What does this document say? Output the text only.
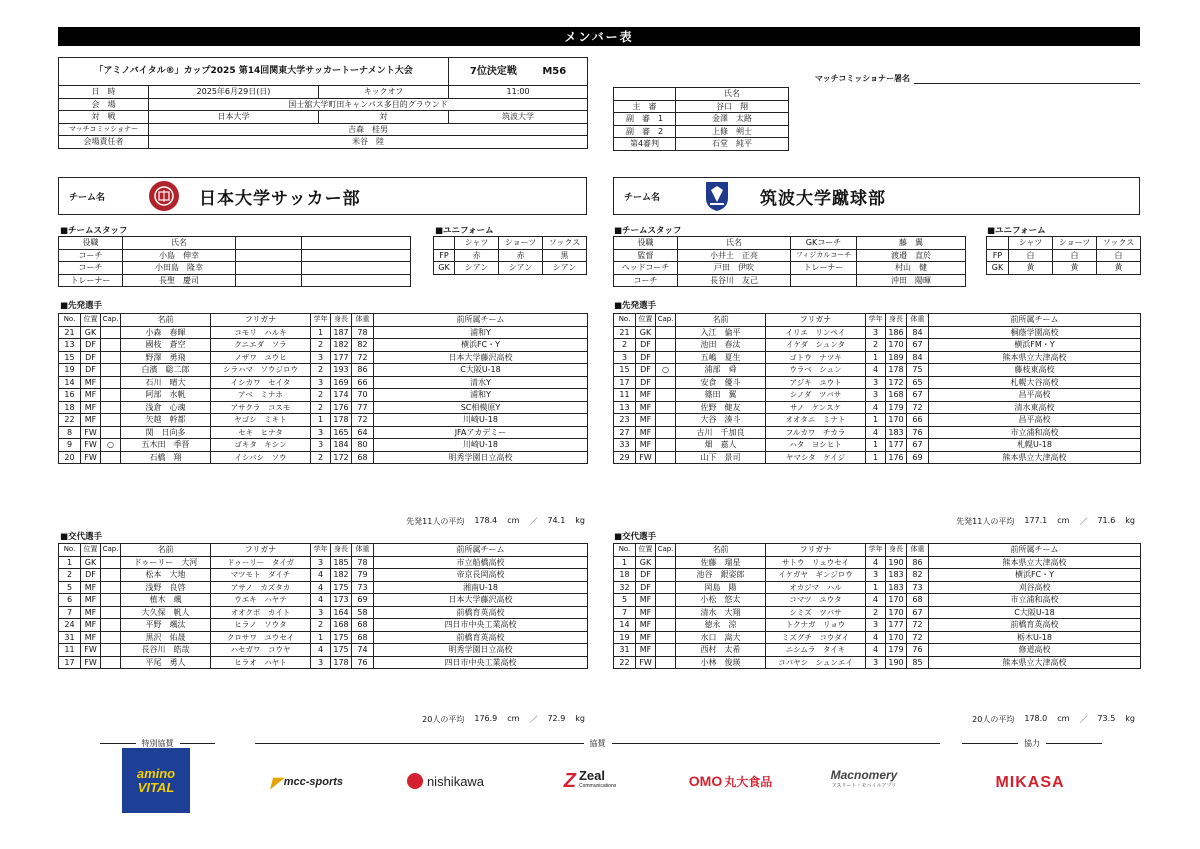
メンバー表
「アミノバイタル®」カップ2025 第14回関東大学サッカートーナメント大会			7位決定戦 M56
日　時	2025年6月29日(日)	キックオフ	11:00
会　場	国士舘大学町田キャンパス多目的グラウンド		
対　戦	日本大学	対	筑波大学
マッチコミッショナー	吉森　桂男		
会場責任者	米谷　陸		
マッチコミッショナー署名
	氏名
主　審	谷口　翔
副　審　1	金澤　太路
副　審　2	上條　朔士
第4審判	石堂　純平
チーム名	日本大学サッカー部	チーム名	筑波大学蹴球部
■チームスタッフ	■ユニフォーム	■チームスタッフ	■ユニフォーム
役職	氏名		
コーチ	小島　伸幸		
コーチ	小田島　隆幸		
トレーナー	長聖　慶司		
	シャツ	ショーツ	ソックス
FP	赤	赤	黒
GK	シアン	シアン	シアン
役職	氏名	GKコーチ	藤　翼
監督	小井土　正亮	フィジカルコーチ	渡邉　直於
ヘッドコーチ	戸田　伊吹	トレーナー	村山　健
コーチ	長谷川　友己		沖田　陽暉
	シャツ	ショーツ	ソックス
FP	白	白	白
GK	黄	黄	黄
■先発選手	■先発選手
No.	位置	Cap.	名前	フリガナ	学年	身長	体重	前所属チーム
21	GK		小森　春暉	コモリ　ハルキ	1	187	78	浦和Y
13	DF		國枝　蒼空	クニエダ　ソラ	2	182	82	横浜FC・Y
15	DF		野澤　勇飛	ノザワ　ユウヒ	3	177	72	日本大学藤沢高校
19	DF		白濱　聡二郎	シラハマ　ソウジロウ	2	193	86	C大阪U-18
14	MF		石川　晴大	イシカワ　セイタ	3	169	66	清水Y
16	MF		阿部　水帆	アベ　ミナホ	2	174	70	浦和Y
18	MF		浅倉　心魂	アサクラ　コスモ	2	176	77	SC相模原Y
22	MF		矢越　幹都	ヤゴシ　ミキト	1	178	72	川崎U-18
8	FW		関　日向多	セキ　ヒナタ	3	165	64	JFAアカデミー
9	FW	○	五木田　季晋	ゴキタ　キシン	3	184	80	川崎U-18
20	FW		石橋　翔	イシバシ　ソウ	2	172	68	明秀学園日立高校
No.	位置	Cap.	名前	フリガナ	学年	身長	体重	前所属チーム
21	GK		入江　倫平	イリエ　リンペイ	3	186	84	桐蔭学園高校
2	DF		池田　春汰	イケダ　シュンタ	2	170	67	横浜FM・Y
3	DF		五嶋　夏生	ゴトウ　ナツキ	1	189	84	熊本県立大津高校
15	DF	○	浦部　舜	ウラベ　シュン	4	178	75	藤枝東高校
17	DF		安食　優斗	アジキ　ユウト	3	172	65	札幌大谷高校
11	MF		篠田　翼	シノダ　ツバサ	3	168	67	昌平高校
13	MF		佐野　健友	サノ　ケンスケ	4	179	72	清水東高校
23	MF		大谷　湊斗	オオタニ　ミナト	1	170	66	昌平高校
27	MF		古川　千加良	フルカワ　チカラ	4	183	76	市立浦和高校
33	MF		畑　嘉人	ハタ　ヨシヒト	1	177	67	札幌U-18
29	FW		山下　景司	ヤマシタ　ケイジ	1	176	69	熊本県立大津高校
先発11人の平均 178.4 cm ／ 74.1 kg	先発11人の平均 177.1 cm ／ 71.6 kg
■交代選手	■交代選手
No.	位置	Cap.	名前	フリガナ	学年	身長	体重	前所属チーム
1	GK		ドゥーリー　大河	ドゥーリー　タイガ	3	185	78	市立船橋高校
2	DF		松本　大地	マツモト　ダイチ	4	182	79	帝京長岡高校
5	MF		浅野　良啓	アサノ　カズタカ	4	175	73	湘南U-18
6	MF		植木　颯	ウエキ　ハヤテ	4	173	69	日本大学藤沢高校
7	MF		大久保　帆人	オオクボ　カイト	3	164	58	前橋育英高校
24	MF		平野　颯汰	ヒラノ　ソウタ	2	168	68	四日市中央工業高校
31	MF		黒沢　佑晟	クロサワ　ユウセイ	1	175	68	前橋育英高校
11	FW		長谷川　皓哉	ハセガワ　コウヤ	4	175	74	明秀学園日立高校
17	FW		平尾　勇人	ヒラオ　ハヤト	3	178	76	四日市中央工業高校
No.	位置	Cap.	名前	フリガナ	学年	身長	体重	前所属チーム
1	GK		佐藤　瑠星	サトウ　リュウセイ	4	190	86	熊本県立大津高校
18	DF		池谷　銀姿郎	イケガヤ　ギンジロウ	3	183	82	横浜FC・Y
32	DF		岡島　陽	オカジマ　ハル	1	183	73	刈谷高校
5	MF		小松　悠太	コマツ　ユウタ	4	170	68	市立浦和高校
7	MF		清水　大翔	シミズ　ツバサ	2	170	67	C大阪U-18
14	MF		徳永　涼	トクナガ　リョウ	3	177	72	前橋育英高校
19	MF		水口　嵩大	ミズグチ　コウダイ	4	170	72	栃木U-18
31	MF		西村　太希	ニシムラ　タイキ	4	179	76	修道高校
22	FW		小林　俊瑛	コバヤシ　シュンエイ	3	190	85	熊本県立大津高校
20人の平均 176.9 cm ／ 72.9 kg	20人の平均 178.0 cm ／ 73.5 kg
特別協賛	協賛	協力
amino VITAL	◤ mcc-sports	nishikawa	Z Zeal
Communications	OMO 丸大食品	Macnomery
アスリート・モバイルアプリ	MIKASA
